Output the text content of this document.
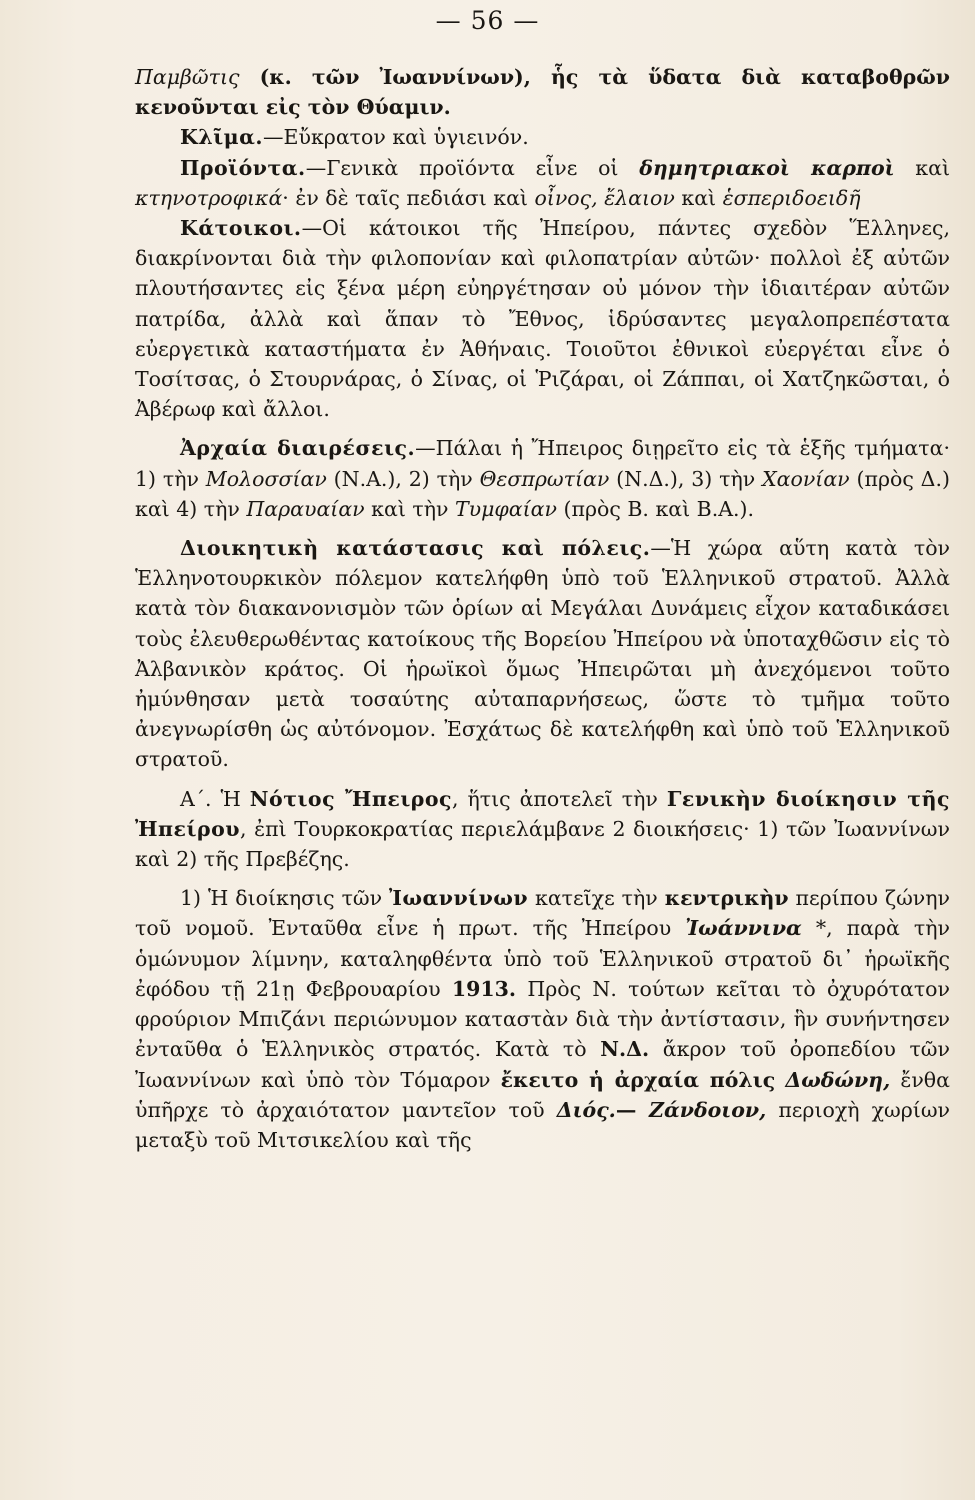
— 56 —

Παμβῶτις (κ. τῶν Ἰωαννίνων), ἧς τὰ ὕδατα διὰ καταβοθρῶν κενοῦνται εἰς τὸν Θύαμιν.

Κλῖμα.—Εὔκρατον καὶ ὑγιεινόν.

Προϊόντα.—Γενικὰ προϊόντα εἶνε οἱ δημητριακοὶ καρποὶ καὶ κτηνοτροφικά· ἐν δὲ ταῖς πεδιάσι καὶ οἶνος, ἔλαιον καὶ ἑσπεριδοειδῆ

Κάτοικοι.—Οἱ κάτοικοι τῆς Ἠπείρου, πάντες σχεδὸν Ἕλληνες, διακρίνονται διὰ τὴν φιλοπονίαν καὶ φιλοπατρίαν αὐτῶν· πολλοὶ ἐξ αὐτῶν πλουτήσαντες εἰς ξένα μέρη εὐηργέτησαν οὐ μόνον τὴν ἰδιαιτέραν αὐτῶν πατρίδα, ἀλλὰ καὶ ἅπαν τὸ Ἔθνος, ἱδρύσαντες μεγαλοπρεπέστατα εὐεργετικὰ καταστήματα ἐν Ἀθήναις. Τοιοῦτοι ἐθνικοὶ εὐεργέται εἶνε ὁ Τοσίτσας, ὁ Στουρνάρας, ὁ Σίνας, οἱ Ῥιζάραι, οἱ Ζάππαι, οἱ Χατζηκῶσται, ὁ Ἀβέρωφ καὶ ἄλλοι.

Ἀρχαία διαιρέσεις.—Πάλαι ἡ Ἤπειρος διῃρεῖτο εἰς τὰ ἑξῆς τμήματα· 1) τὴν Μολοσσίαν (Ν.Α.), 2) τὴν Θεσπρωτίαν (Ν.Δ.), 3) τὴν Χαονίαν (πρὸς Δ.) καὶ 4) τὴν Παραυαίαν καὶ τὴν Τυμφαίαν (πρὸς Β. καὶ Β.Α.).

Διοικητικὴ κατάστασις καὶ πόλεις.—Ἡ χώρα αὕτη κατὰ τὸν Ἑλληνοτουρκικὸν πόλεμον κατελήφθη ὑπὸ τοῦ Ἑλληνικοῦ στρατοῦ. Ἀλλὰ κατὰ τὸν διακανονισμὸν τῶν ὁρίων αἱ Μεγάλαι Δυνάμεις εἶχον καταδικάσει τοὺς ἐλευθερωθέντας κατοίκους τῆς Βορείου Ἠπείρου νὰ ὑποταχθῶσιν εἰς τὸ Ἀλβανικὸν κράτος. Οἱ ἡρωϊκοὶ ὅμως Ἠπειρῶται μὴ ἀνεχόμενοι τοῦτο ἠμύνθησαν μετὰ τοσαύτης αὐταπαρνήσεως, ὥστε τὸ τμῆμα τοῦτο ἀνεγνωρίσθη ὡς αὐτόνομον. Ἐσχάτως δὲ κατελήφθη καὶ ὑπὸ τοῦ Ἑλληνικοῦ στρατοῦ.

Α΄. Ἡ Νότιος Ἤπειρος, ἥτις ἀποτελεῖ τὴν Γενικὴν διοίκησιν τῆς Ἠπείρου, ἐπὶ Τουρκοκρατίας περιελάμβανε 2 διοικήσεις· 1) τῶν Ἰωαννίνων καὶ 2) τῆς Πρεβέζης.

1) Ἡ διοίκησις τῶν Ἰωαννίνων κατεῖχε τὴν κεντρικὴν περίπου ζώνην τοῦ νομοῦ. Ἐνταῦθα εἶνε ἡ πρωτ. τῆς Ἠπείρου Ἰωάννινα *, παρὰ τὴν ὁμώνυμον λίμνην, καταληφθέντα ὑπὸ τοῦ Ἑλληνικοῦ στρατοῦ δι᾽ ἡρωϊκῆς ἐφόδου τῇ 21ῃ Φεβρουαρίου 1913. Πρὸς Ν. τούτων κεῖται τὸ ὀχυρότατον φρούριον Μπιζάνι περιώνυμον καταστὰν διὰ τὴν ἀντίστασιν, ἣν συνήντησεν ἐνταῦθα ὁ Ἑλληνικὸς στρατός. Κατὰ τὸ Ν.Δ. ἄκρον τοῦ ὀροπεδίου τῶν Ἰωαννίνων καὶ ὑπὸ τὸν Τόμαρον ἔκειτο ἡ ἀρχαία πόλις Δωδώνη, ἔνθα ὑπῆρχε τὸ ἀρχαιότατον μαντεῖον τοῦ Διός.— Ζάνδοιον, περιοχὴ χωρίων μεταξὺ τοῦ Μιτσικελίου καὶ τῆς
